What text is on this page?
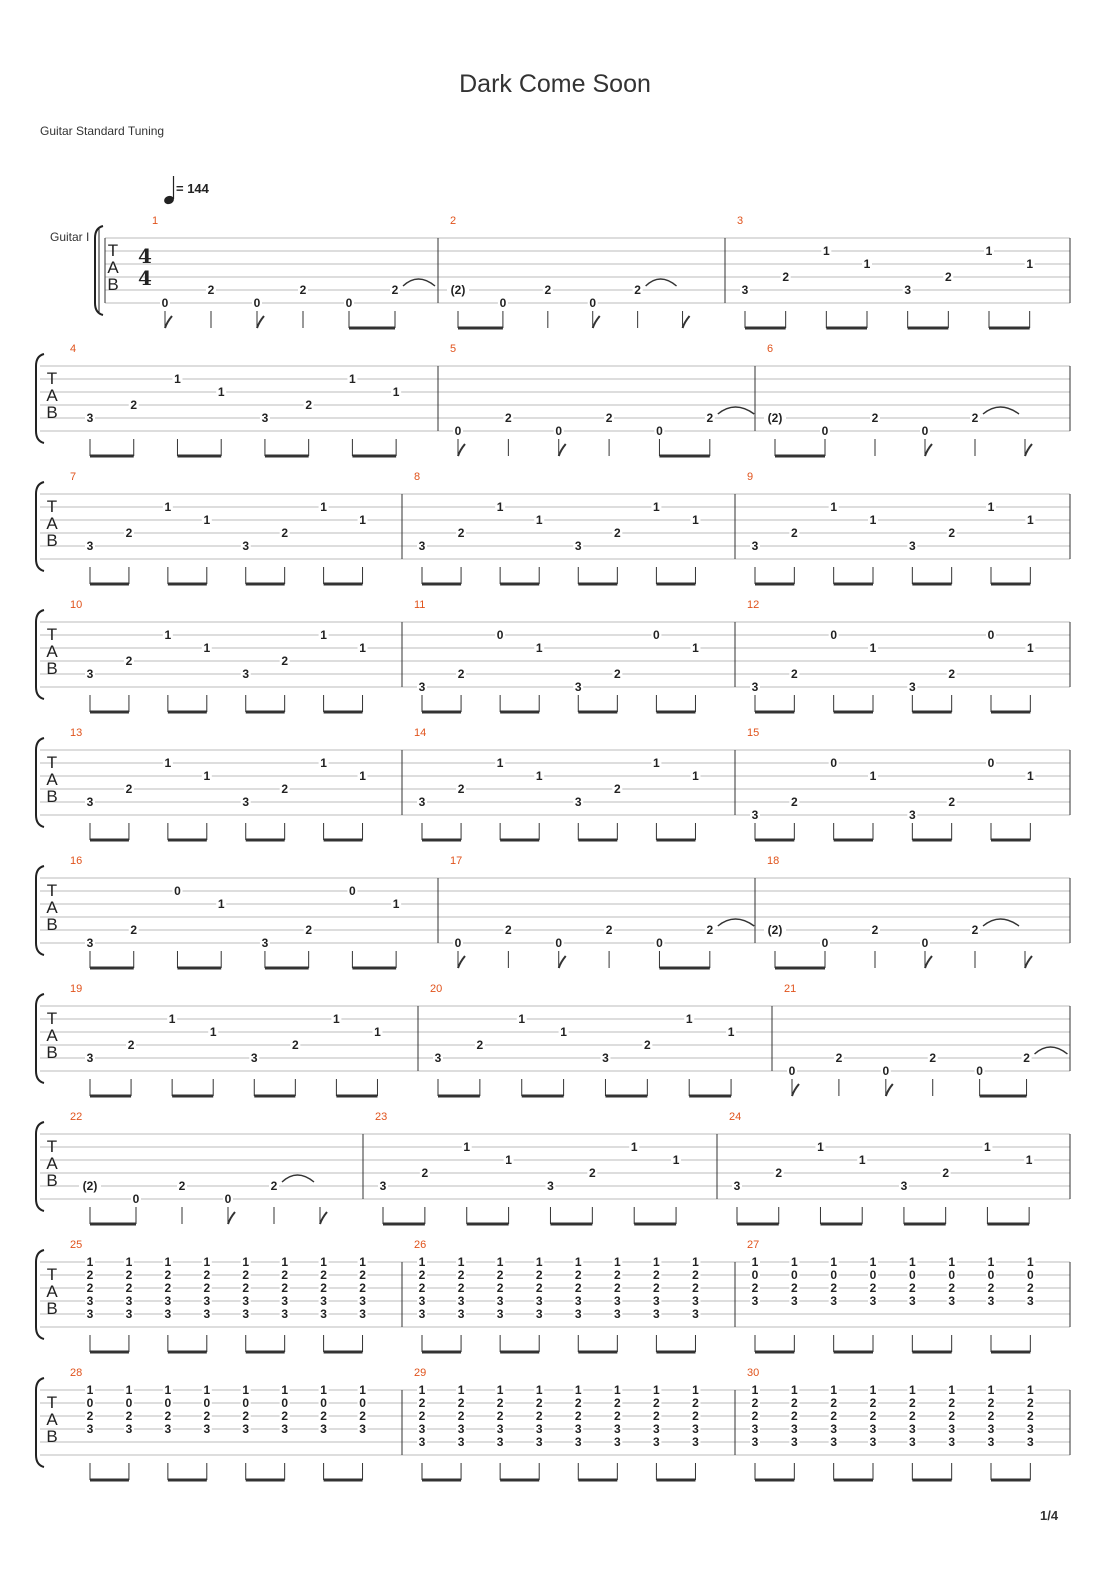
Dark Come Soon
Guitar Standard Tuning
1/4
= 144
Guitar I
T
A
B
4
4
1
0
2
0
2
0
2
2
(2)
0
2
0
2
3
3
2
1
1
3
2
1
1
T
A
B
4
3
2
1
1
3
2
1
1
5
0
2
0
2
0
2
6
(2)
0
2
0
2
T
A
B
7
3
2
1
1
3
2
1
1
8
3
2
1
1
3
2
1
1
9
3
2
1
1
3
2
1
1
T
A
B
10
3
2
1
1
3
2
1
1
11
3
2
0
1
3
2
0
1
12
3
2
0
1
3
2
0
1
T
A
B
13
3
2
1
1
3
2
1
1
14
3
2
1
1
3
2
1
1
15
3
2
0
1
3
2
0
1
T
A
B
16
3
2
0
1
3
2
0
1
17
0
2
0
2
0
2
18
(2)
0
2
0
2
T
A
B
19
3
2
1
1
3
2
1
1
20
3
2
1
1
3
2
1
1
21
0
2
0
2
0
2
T
A
B
22
(2)
0
2
0
2
23
3
2
1
1
3
2
1
1
24
3
2
1
1
3
2
1
1
T
A
B
25
1
2
2
3
3
1
2
2
3
3
1
2
2
3
3
1
2
2
3
3
1
2
2
3
3
1
2
2
3
3
1
2
2
3
3
1
2
2
3
3
26
1
2
2
3
3
1
2
2
3
3
1
2
2
3
3
1
2
2
3
3
1
2
2
3
3
1
2
2
3
3
1
2
2
3
3
1
2
2
3
3
27
1
0
2
3
1
0
2
3
1
0
2
3
1
0
2
3
1
0
2
3
1
0
2
3
1
0
2
3
1
0
2
3
T
A
B
28
1
0
2
3
1
0
2
3
1
0
2
3
1
0
2
3
1
0
2
3
1
0
2
3
1
0
2
3
1
0
2
3
29
1
2
2
3
3
1
2
2
3
3
1
2
2
3
3
1
2
2
3
3
1
2
2
3
3
1
2
2
3
3
1
2
2
3
3
1
2
2
3
3
30
1
2
2
3
3
1
2
2
3
3
1
2
2
3
3
1
2
2
3
3
1
2
2
3
3
1
2
2
3
3
1
2
2
3
3
1
2
2
3
3
